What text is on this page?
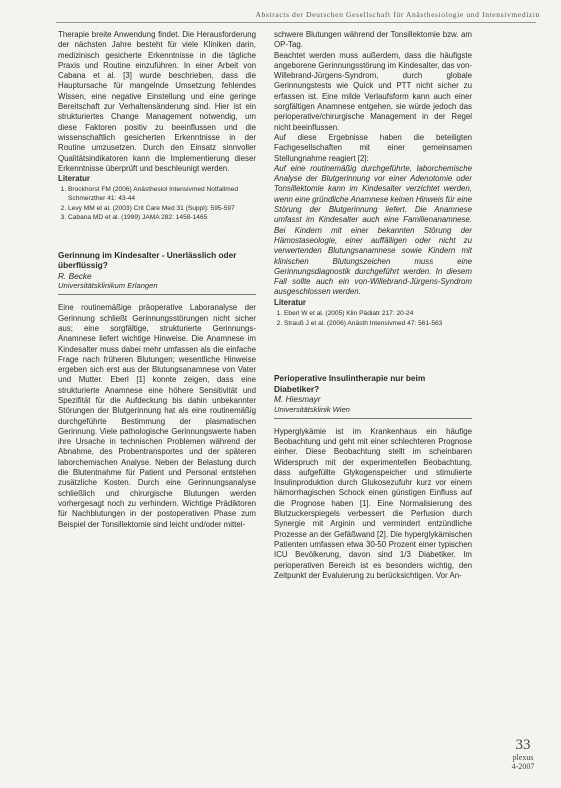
Abstracts der Deutschen Gesellschaft für Anästhesiologie und Intensivmedizin

Therapie breite Anwendung findet. Die Herausforderung der nächsten Jahre besteht für viele Kliniken darin, medizinisch gesicherte Erkenntnisse in die tägliche Praxis und Routine einzuführen. In einer Arbeit von Cabana et al. [3] wurde beschrieben, dass die Hauptursache für mangelnde Umsetzung fehlendes Wissen, eine negative Einstellung und eine geringe Bereitschaft zur Verhaltensänderung sind. Hier ist ein strukturiertes Change Management notwendig, um diese Faktoren positiv zu beeinflussen und die wissenschaftlich gesicherten Erkenntnisse in der Routine umzusetzen. Durch den Einsatz sinnvoller Qualitätsindikatoren kann die Implementierung dieser Erkenntnisse überprüft und beschleunigt werden.

Literatur
1. Brockhorst FM (2006) Anästhesiol Intensivmed Notfallmed Schmerzther 41: 43-44
2. Levy MM et al. (2003) Crit Care Med 31 (Suppl): 595-597
3. Cabana MD et al. (1999) JAMA 282: 1458-1465
Gerinnung im Kindesalter - Unerlässlich oder überflüssig?
R. Becke
Universitätsklinikum Erlangen

Eine routinemäßige präoperative Laboranalyse der Gerinnung schließt Gerinnungsstörungen nicht sicher aus; eine sorgfältige, strukturierte Gerinnungs-Anamnese liefert wichtige Hinweise. Die Anamnese im Kindesalter muss dabei mehr umfassen als die einfache Frage nach früheren Blutungen; wesentliche Hinweise ergeben sich erst aus der Blutungsanamnese von Vater und Mutter. Eberl [1] konnte zeigen, dass eine strukturierte Anamnese eine höhere Sensitivität und Spezifität für die Aufdeckung bis dahin unbekannter Störungen der Blutgerinnung hat als eine routinemäßig durchgeführte Bestimmung der plasmatischen Gerinnung. Viele pathologische Gerinnungswerte haben ihre Ursache in technischen Problemen während der Abnahme, des Probentransportes und der späteren laborchemischen Analyse. Neben der Belastung durch die Blutentnahme für Patient und Personal entstehen zusätzliche Kosten. Durch eine Gerinnungsanalyse schließlich und chirurgische Blutungen werden vorhergesagt noch zu verhindern. Wichtige Prädiktoren für Nachblutungen in der postoperativen Phase zum Beispiel der Tonsillektomie sind leicht und/oder mittel-

schwere Blutungen während der Tonsillektomie bzw. am OP-Tag.

Beachtet werden muss außerdem, dass die häufigste angeborene Gerinnungsstörung im Kindesalter, das von-Willebrand-Jürgens-Syndrom, durch globale Gerinnungstests wie Quick und PTT nicht sicher zu erfassen ist. Eine milde Verlaufsform kann auch einer sorgfältigen Anamnese entgehen, sie würde jedoch das perioperative/chirurgische Management in der Regel nicht beeinflussen.

Auf diese Ergebnisse haben die beteiligten Fachgesellschaften mit einer gemeinsamen Stellungnahme reagiert [2]:

Auf eine routinemäßig durchgeführte, laborchemische Analyse der Blutgerinnung vor einer Adenotomie oder Tonsillektomie kann im Kindesalter verzichtet werden, wenn eine gründliche Anamnese keinen Hinweis für eine Störung der Blutgerinnung liefert. Die Anamnese umfasst im Kindesalter auch eine Familienanamnese. Bei Kindern mit einer bekannten Störung der Hämostaseologie, einer auffälligen oder nicht zu verwertenden Blutungsanamnese sowie Kindern mit klinischen Blutungszeichen muss eine Gerinnungsdiagnostik durchgeführt werden. In diesem Fall sollte auch ein von-Willebrand-Jürgens-Syndrom ausgeschlossen werden.

Literatur
1. Eberl W et al. (2005) Klin Pädiatr 217: 20-24
2. Strauß J et al. (2006) Anästh Intensivmed 47: 561-563
Perioperative Insulintherapie nur beim Diabetiker?
M. Hiesmayr
Universitätsklinik Wien

Hyperglykämie ist im Krankenhaus ein häufige Beobachtung und geht mit einer schlechteren Prognose einher. Diese Beobachtung stellt im scheinbaren Widerspruch mit der experimentellen Beobachtung, dass aufgefüllte Glykogenspeicher und stimulierte Insulinproduktion durch Glukosezufuhr kurz vor einem hämorrhagischen Schock einen günstigen Einfluss auf die Prognose haben [1]. Eine Normalisierung des Blutzuckerspiegels verbessert die Perfusion durch Synergie mit Arginin und vermindert entzündliche Prozesse an der Gefäßwand [2]. Die hyperglykämischen Patienten umfassen etwa 30-50 Prozent einer typischen ICU Bevölkerung, davon sind 1/3 Diabetiker. Im perioperativen Bereich ist es besonders wichtig, den Zeitpunkt der Evaluierung zu berücksichtigen. Vor An-

33
plexus
4-2007
